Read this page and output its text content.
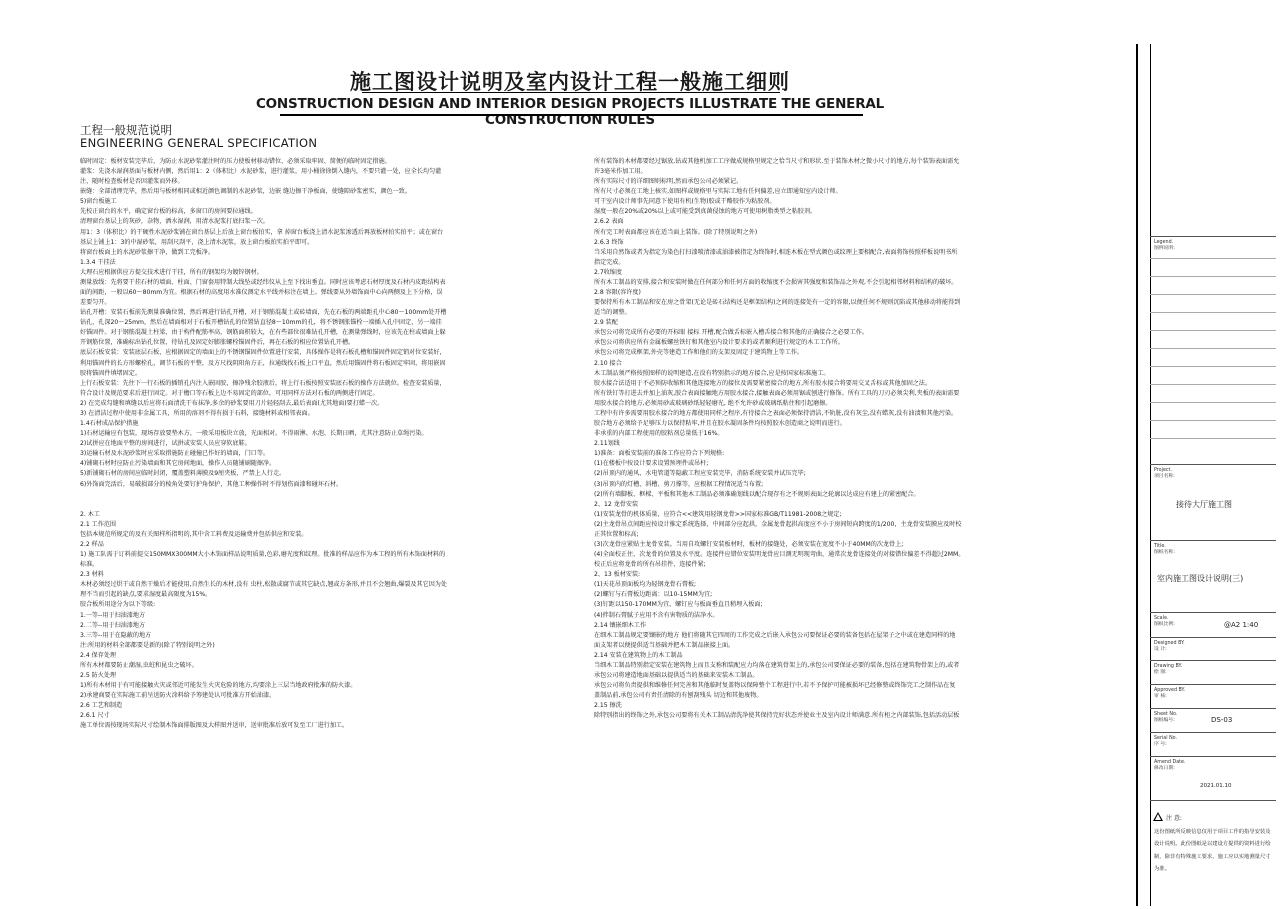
施工图设计说明及室内设计工程一般施工细则
CONSTRUCTION DESIGN AND INTERIOR DESIGN PROJECTS ILLUSTRATE THE GENERAL CONSTRUCTION RULES
工程一般规范说明
ENGINEERING GENERAL SPECIFICATION
临时固定：板材安装完毕后，为防止水泥砂浆灌注时的压力使板材移动错位，必须采取牢固、简便的临时固定措施。
灌浆：先浇水湿润基面与板材内侧，然后用1：2（体积比）水泥砂浆，进行灌浆，用小桶徐徐倒入缝内，不要只灌一处，应全长均匀灌
注，随时检查板材是否因灌浆而外移。
嵌缝：全部清理完毕，然后用与板材相同或相近颜色调制的水泥砂浆，边嵌 缝边擦干净板面，使缝隙砂浆密实，颜色一致。
5)窗台板施工
先校正窗台的水平，确定窗台板的标高，多窗口的房间要拉通线。
清理窗台基层上的灰砂，杂物，洒水湿润，用清水泥浆打底扫浆一次。
用1：3（体积比）的干硬性水泥砂浆铺在窗台基层上后放上窗台板拍实，拿 掉窗台板浇上清水泥浆渗透后再放板材拍实拍平；或在窗台
基层上铺上1：3的中湿砂浆，用刮尺刮平，浇上清水泥浆，放上窗台板拍实拍平即可。
将窗台板面上的水泥砂浆擦干净，做到工完板净。
1.3.4 干挂法
大理石应根据供应方提交技术进行干挂，所有的钢架均为镀锌钢材。
测量放线：先将要干挂石材的墙面、柱面、门窗套用特制大线坠或经纬仪从上至下找出垂直。同时应该考虑石材厚度及石材内皮距结构表
面的间距，一般以60～80mm为宜。根据石材的高度用水准仪测定水平线并标注在墙上。弹线要从外墙饰面中心向两侧及上下分格，误
差要匀开。
钻孔开槽：安装石板前先测量准确位置，然后再进行钻孔开槽，对于钢筋混凝土或砖墙面，先在石板的两端距孔中心80～100mm处开槽
钻孔，孔深20～25mm，然后在墙面相对于石板开槽钻孔的位置钻直径8～10mm的孔，将不锈钢胀锚栓一端插入孔中固定，另一端挂
好锚固件。对于钢筋混凝土柱梁，由于构件配筋率高，钢筋面积较大，在有些部位很难钻孔开槽，在测量弹线时，应该先在柱或墙面上躲
开钢筋位置，准确标出钻孔位置，待钻孔及固定好膨胀螺栓锚固件后，再在石板的相应位置钻孔开槽。
底层石板安装：安装底层石板，应根据固定的墙面上的不锈钢锚固件位置进行安装，具体操作是将石板孔槽和锚固件固定销对位安装好，
利用锚固件的长方形螺栓孔，调节石板的平整，及方尺找阴阳角方正，拉通线找石板上口平直，然后用锚固件将石板固定牢固，将用嵌固
胶将锚固件填堵固定。
上行石板安装：先往下一行石板的插销孔内注入嵌固胶，擦净残余胶液后，将上行石板按照安装底石板的操作方法就位。检查安装质量，
符合设计及规范要求后进行固定。对于檐口等石板上边不易固定的部位，可用同样方法对石板的两侧进行固定。
2) 在完成勾缝和填缝以后应将石面清洗干布抹净,多余的砂浆要用刀片轻轻刮去,最后表面(尤其地面)要打蜡一次。
3) 在清洁过程中使用非金属工具，所用的溶剂不得有损于石料，接缝材料或相邻表面。
1.4石材成品保护措施
1)石材运输应有包装，现场存放要垫木方，一般采用板块立放，光面相对。不得雨淋、水泡、长期日晒，尤其注意防止草绳污染。
2)试拼应在地面平整的房间进行，试拼或安装人员应穿软底鞋。
3)运输石材及水泥砂浆时应采取措施防止碰撞已作好的墙面，门口等。
4)铺砌石材时应防止污染墙面和其它房间地面，操作人员随铺刷随擦净。
5)新铺砌石材的房间应临时封闭，覆盖塑料薄膜及9厘夹板，严禁上人行走。
6)外饰面完活后，易破损部分的棱角处要钉护角保护，其他工种操作时不得划伤面漆和碰坏石材。
2. 木工
2.1 工作范围
包括本规范所规定的及有关图样所指明的,其中含工料费及运输费并包括供应和安装。
2.2 样品
1) 施工队需于订料前提交150MMX300MM大小木饰面样品说明质量,色彩,磨光度和纹理。批准的样品应作为本工程的所有木饰面材料的
标准。
2.3 材料
木材必须经过烘干或自然干燥后才能使用,自然生长的木材,没有 虫柱,松散或腐节或其它缺点,翘或方条形,并且不会翘曲,爆裂及其它因为处
理不当而引起的缺点,要求湿度最高限度为15%。
胶合板所用途分为以下等级:
1.一等--用于扫油漆地方
2.二等--用于扫油漆地方
3.三等--用于在隐蔽的地方
注:所用的材料全部都要是新的(除了特别说明之外)
2.4 保存处理
所有木材都要防止潮湿,虫蛀和昆虫之破坏。
2.5 防火处理
1)所有木材用于有可能接触火灾或邻近可能发生火灾危险的地方,均要涂上三层当地政府批准的防火漆。
2)承建商要在实际施工前呈送防火涂料给予筹建处认可批准方开始油漆。
2.6 工艺和制造
2.6.1 尺寸
施工单位需按现场实际尺寸绘制木饰面排版图及大样图并送审，送审批准后放可发至工厂进行加工。
所有装饰的木材都要经过锯放,钻或其他机加工工序做成规格里规定之恰当尺寸和形状.至于装饰木材之微小尺寸的地方,每个装饰表面需允
许3毫米作加工用。
所有实际尺寸的详细图则标明,然而承包公司必须紧记。
所有尺寸必须在工地上核实,如图样或规格里与实际工地有任何偏差,应立即通知室内设计师。
可干室内设计师事先同意下使用有机(生物)胶或干酪胶作为粘胶剂。
湿度一般在20%或20%以上或可能受到真菌侵蚀的地方可使用树脂类型之粘胶剂。
2.6.2 表面
所有完工时表面都应该在适当面上装饰。(除了特别说明之外)
2.6.3 终饰
当采用自然饰或者为指定为染色打扫漆喷清漆或油漆被指定为终饰时,相连木板在型式颜色或纹理上要相配合,表面将饰按照样板说明书所
指定完成。
2.7收缩度
所有木工制品的安排,接合和安装时做在任何部分和任何方面的收缩度不会损害其强度和装饰品之外观,不会引起相邻材料和结构的破坏。
2.8 容限(容许度)
要保持所有木工制品和安在房之骨架(无论是砖石结构还是框架结构)之间的连接处有一定的容限,以便任何不规则沉陷或其他移动将能得到
适当的调整。
2.9 装配
承包公司将完成所有必要的开标眼 接标 开槽,配合做舌标嵌入槽舌接合和其他的正确接合之必要工作。
承包公司将供应所有金属板螺丝铁钉和其他室内设计要求的或者顺利进行规定的木工工作所。
承包公司将完成框架,外壳等建造工作和他们的支架及固定于建筑物上等工作。
2.10 接合
木工制品须严格按照图样的说明建造,在没有特别指示的地方接合,应是按国家标准施工。
胶水接合法适用于不必预防收缩和其他连接地方的接位及需要紧密接合的地方,所有胶水接合将要用交叉舌标或其他加固之法。
所有铁钉等打进去并加上油灰,胶合表面接触地方用胶水接合,接触表面必须用锯或刨进行修饰。所有工具的刀刃必须尖利,夹板的表面需要
用胶水接合的地方,必须用砂或玻璃砂纸轻轻磨光, 绝不允许砂或玻璃纸粘住和引起磨擦。
工程中有许多需要用胶水接合的地方都使用同样之程序,有待接合之表面必须保持清洁,不轨脏,没有灰尘,没有蜡灰,没有油渍和其他污染。
胶合地方必须给予足够压力以保持粘牢,并且在胶水凝固条件均按照胶水创造商之说明而进行。
非承重的内部工程使用的胶粘剂总量低于16%。
2.11划线
1)准备：面板安装前的准备工作应符合下列规格:
(1)在楼板中按设计要求设置预埋件或吊杆;
(2)吊顶内的通风、水电管道等隐蔽工程应安装完毕，消防系统安装并试压完毕;
(3)吊顶内的灯槽、斜槽、剪刀撑等，应根据工程情况适当布置;
(2)所有墙脚板、框樑、平板和其他木工制品必须准确划线以配合现存有之不规则表面之轮廓以达成应有建上的紧密配合。
2、12 龙骨安装
(1)安装龙骨的机体质量，应符合<<建筑用轻钢龙骨>>国家标准GB/T11981-2008之规定;
(2)主龙骨吊点间距应按设计推定系统选择，中间部分应起拱，金属龙骨起拱高度应不小于房间短向跨度的1/200，主龙骨安装膜应及时校
正其位置和标高;
(3)次龙骨应紧贴主龙骨安装。当用自攻螺钉安装板材时，板材的接缝处，必须安装在宽度不小于40MM的次龙骨上;
(4)全面校正住、次龙骨的位置及水平度。连接件应错位安装明龙骨应目测无明现弯曲，通常次龙骨连接处的对接错位偏差不得超过2MM。
校正后应将龙骨的所有吊挂件、连接件紧;
2、13 板材安装:
(1)天花吊顶面板均为轻钢龙骨石膏板;
(2)螺钉与石膏板边距离：以10-15MM为宜;
(3)钉距以150-170MM为宜，螺钉应与板面垂直且稍埋入板面;
(4)拌制石膏腻子应用不含有害物质的洁净水。
2.14 镶嵌细木工作
在细木工制品规定要镶嵌的地方 他们将随其它四周的工作完成之后嵌入承包公司要保证必要的装备包括在屋架子之中或在建造同样的地
面支架者以便提供适当基础并把木工制品嵌接上面。
2.14 安装在建筑物上的木工制品
当细木工制品特别指定安装在建筑物上而且支称和装配应力均落在建筑骨架上的,承包公司要保证必要的装备,包括在建筑物骨架上的,或者
承包公司将建造地面基础以提供适当的基础来安装木工制品。
承包公司将负责提供和维修任何完善和其他临时复盖物以保障整个工程进行中,若不予保护可能被损坏已经修整或终饰完工之制作品在复
盖制品前,承包公司有责任清除的有刨刮残头 切边和其他废物。
2.15 擦洗
除特别指出的终饰之外,承包公司要将有关木工制品清洗净使其保持完好状态并使业主及室内设计师满意.所有柜之内部装饰,包括活动层板
Legend.
图例说明:
Project.
项目名称:
接待大厅施工图
Title.
图纸名称:
室内施工图设计说明(三)
Scale.
图纸比例:	@A2 1:40
Designed BY.
设 计:
Drawing BY.
绘 图:
Approved BY.
审 核:
Sheet No.
图纸编号:	DS-03
Serial No.
序 号:
Amend Date.
修改日期:
2021.01.10
注 意:
这份图纸所反映信息仅用于项目工作的指导安装及设计说明。此份图纸是以建设方提供的资料进行绘制，除非有特殊施工要求，施工应以实地测量尺寸为准。
